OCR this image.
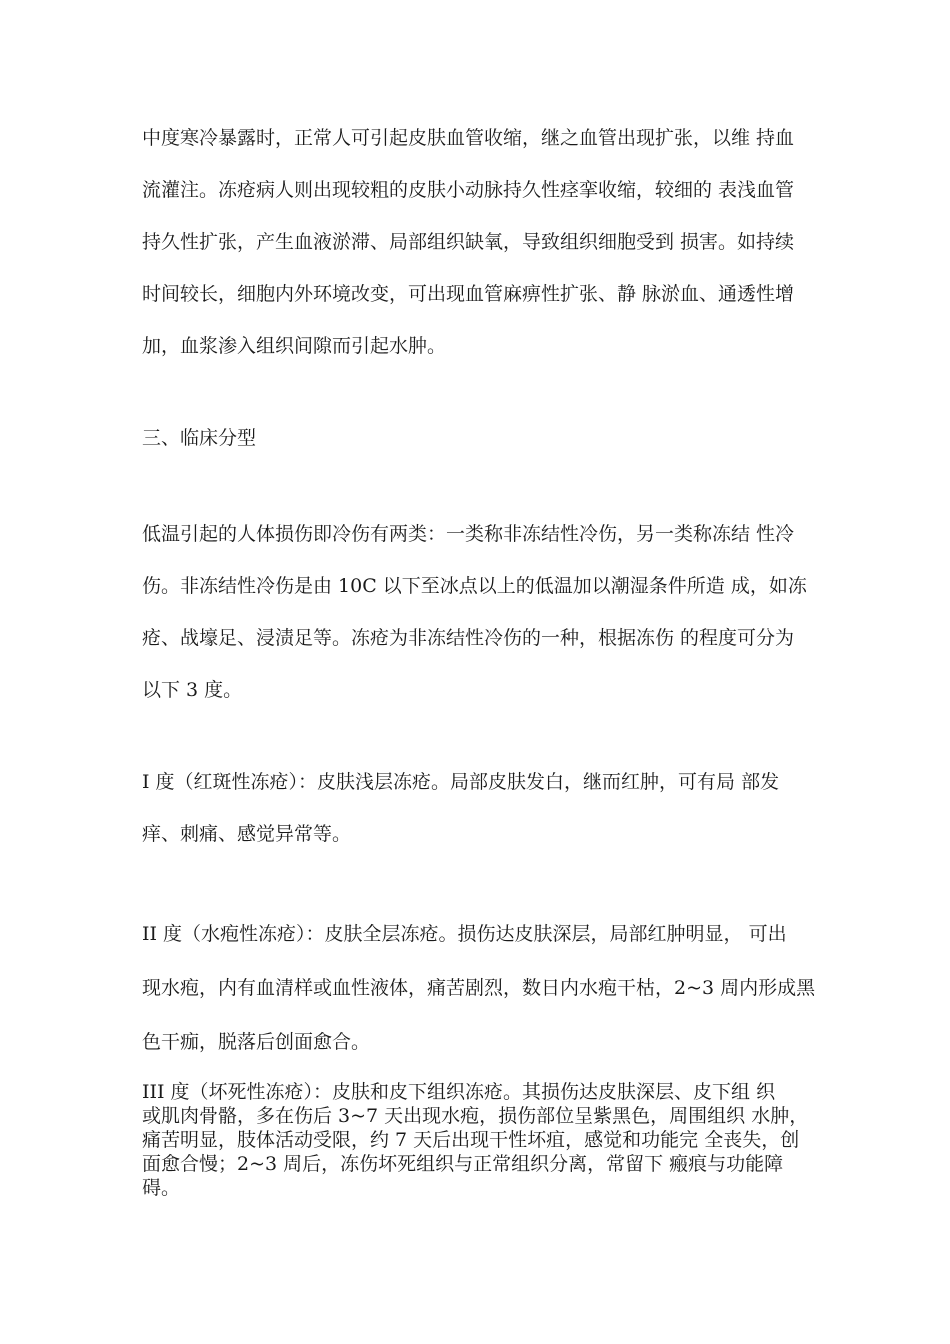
中度寒冷暴露时，正常人可引起皮肤血管收缩，继之血管出现扩张，以维 持血
流灌注。冻疮病人则出现较粗的皮肤小动脉持久性痉挛收缩，较细的 表浅血管
持久性扩张，产生血液淤滞、局部组织缺氧，导致组织细胞受到 损害。如持续
时间较长，细胞内外环境改变，可出现血管麻痹性扩张、静 脉淤血、通透性增
加，血浆渗入组织间隙而引起水肿。
三、临床分型
低温引起的人体损伤即冷伤有两类：一类称非冻结性冷伤，另一类称冻结 性冷
伤。非冻结性冷伤是由 10C 以下至冰点以上的低温加以潮湿条件所造 成，如冻
疮、战壕足、浸渍足等。冻疮为非冻结性冷伤的一种，根据冻伤 的程度可分为
以下 3 度。
I 度（红斑性冻疮）：皮肤浅层冻疮。局部皮肤发白，继而红肿，可有局 部发
痒、刺痛、感觉异常等。
II 度（水疱性冻疮）：皮肤全层冻疮。损伤达皮肤深层，局部红肿明显， 可出
现水疱，内有血清样或血性液体，痛苦剧烈，数日内水疱干枯，2~3 周内形成黑
色干痂，脱落后创面愈合。
III 度（坏死性冻疮）：皮肤和皮下组织冻疮。其损伤达皮肤深层、皮下组 织
或肌肉骨骼，多在伤后 3~7 天出现水疱，损伤部位呈紫黑色，周围组织 水肿，
痛苦明显，肢体活动受限，约 7 天后出现干性坏疽，感觉和功能完 全丧失，创
面愈合慢；2~3 周后，冻伤坏死组织与正常组织分离，常留下 瘢痕与功能障
碍。
